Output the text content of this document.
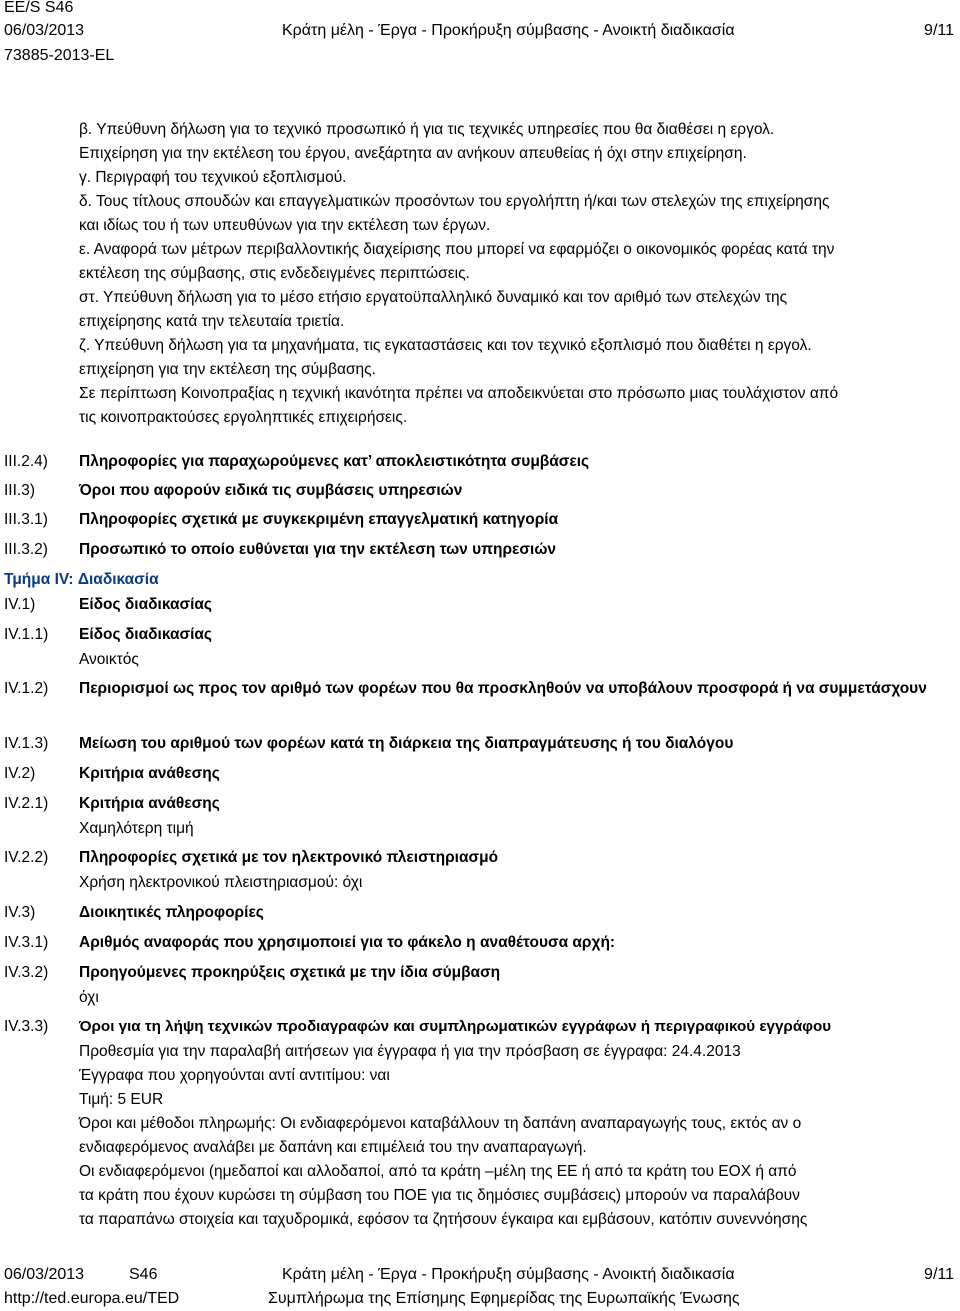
EE/S S46
06/03/2013
73885-2013-EL
Κράτη μέλη - Έργα - Προκήρυξη σύμβασης - Ανοικτή διαδικασία	9/11
β. Υπεύθυνη δήλωση για το τεχνικό προσωπικό ή για τις τεχνικές υπηρεσίες που θα διαθέσει η εργολ.
Επιχείρηση για την εκτέλεση του έργου, ανεξάρτητα αν ανήκουν απευθείας ή όχι στην επιχείρηση.
γ. Περιγραφή του τεχνικού εξοπλισμού.
δ. Τους τίτλους σπουδών και επαγγελματικών προσόντων του εργολήπτη ή/και των στελεχών της επιχείρησης
και ιδίως του ή των υπευθύνων για την εκτέλεση των έργων.
ε. Αναφορά των μέτρων περιβαλλοντικής διαχείρισης που μπορεί να εφαρμόζει ο οικονομικός φορέας κατά την
εκτέλεση της σύμβασης, στις ενδεδειγμένες περιπτώσεις.
στ. Υπεύθυνη δήλωση για το μέσο ετήσιο εργατοϋπαλληλικό δυναμικό και τον αριθμό των στελεχών της
επιχείρησης κατά την τελευταία τριετία.
ζ. Υπεύθυνη δήλωση για τα μηχανήματα, τις εγκαταστάσεις και τον τεχνικό εξοπλισμό που διαθέτει η εργολ.
επιχείρηση για την εκτέλεση της σύμβασης.
Σε περίπτωση Κοινοπραξίας η τεχνική ικανότητα πρέπει να αποδεικνύεται στο πρόσωπο μιας τουλάχιστον από
τις κοινοπρακτούσες εργοληπτικές επιχειρήσεις.
III.2.4) Πληροφορίες για παραχωρούμενες κατ’ αποκλειστικότητα συμβάσεις
III.3)	Όροι που αφορούν ειδικά τις συμβάσεις υπηρεσιών
III.3.1) Πληροφορίες σχετικά με συγκεκριμένη επαγγελματική κατηγορία
III.3.2) Προσωπικό το οποίο ευθύνεται για την εκτέλεση των υπηρεσιών
Τμήμα IV: Διαδικασία
IV.1)	Είδος διαδικασίας
IV.1.1) Είδος διαδικασίας
Ανοικτός
IV.1.2) Περιορισμοί ως προς τον αριθμό των φορέων που θα προσκληθούν να υποβάλουν προσφορά ή να συμμετάσχουν
IV.1.3) Μείωση του αριθμού των φορέων κατά τη διάρκεια της διαπραγμάτευσης ή του διαλόγου
IV.2)	Κριτήρια ανάθεσης
IV.2.1) Κριτήρια ανάθεσης
Χαμηλότερη τιμή
IV.2.2) Πληροφορίες σχετικά με τον ηλεκτρονικό πλειστηριασμό
Χρήση ηλεκτρονικού πλειστηριασμού: όχι
IV.3)	Διοικητικές πληροφορίες
IV.3.1) Αριθμός αναφοράς που χρησιμοποιεί για το φάκελο η αναθέτουσα αρχή:
IV.3.2) Προηγούμενες προκηρύξεις σχετικά με την ίδια σύμβαση
όχι
IV.3.3) Όροι για τη λήψη τεχνικών προδιαγραφών και συμπληρωματικών εγγράφων ή περιγραφικού εγγράφου
Προθεσμία για την παραλαβή αιτήσεων για έγγραφα ή για την πρόσβαση σε έγγραφα: 24.4.2013
Έγγραφα που χορηγούνται αντί αντιτίμου: ναι
Τιμή: 5 EUR
Όροι και μέθοδοι πληρωμής: Οι ενδιαφερόμενοι καταβάλλουν τη δαπάνη αναπαραγωγής τους, εκτός αν ο
ενδιαφερόμενος αναλάβει με δαπάνη και επιμέλειά του την αναπαραγωγή.
Οι ενδιαφερόμενοι (ημεδαποί και αλλοδαποί, από τα κράτη –μέλη της ΕΕ ή από τα κράτη του ΕΟΧ ή από
τα κράτη που έχουν κυρώσει τη σύμβαση του ΠΟΕ για τις δημόσιες συμβάσεις) μπορούν να παραλάβουν
τα παραπάνω στοιχεία και ταχυδρομικά, εφόσον τα ζητήσουν έγκαιρα και εμβάσουν, κατόπιν συνεννόησης
06/03/2013	S46
http://ted.europa.eu/TED
Κράτη μέλη - Έργα - Προκήρυξη σύμβασης - Ανοικτή διαδικασία
Συμπλήρωμα της Επίσημης Εφημερίδας της Ευρωπαϊκής Ένωσης
9/11
